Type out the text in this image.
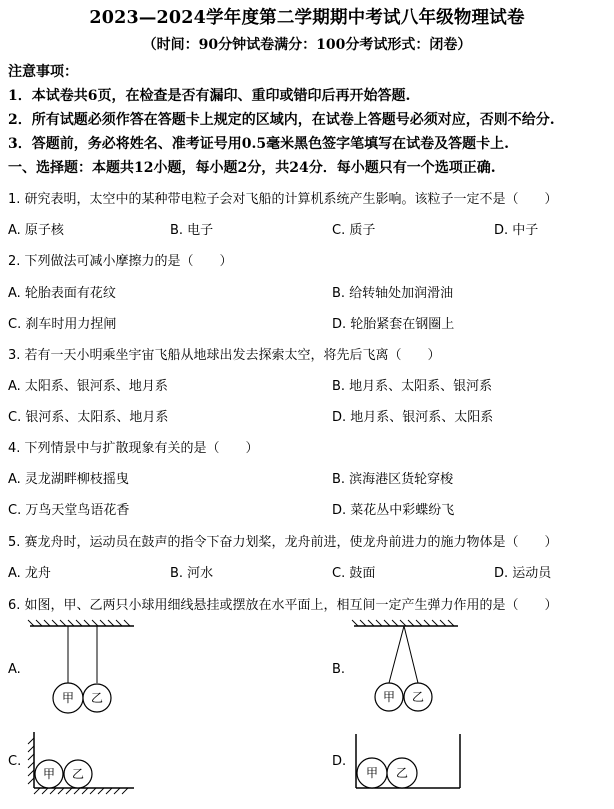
2023—2024学年度第二学期期中考试八年级物理试卷
（时间：90分钟试卷满分：100分考试形式：闭卷）
注意事项：
1．本试卷共6页，在检查是否有漏印、重印或错印后再开始答题.
2．所有试题必须作答在答题卡上规定的区域内，在试卷上答题号必须对应，否则不给分.
3．答题前，务必将姓名、准考证号用0.5毫米黑色签字笔填写在试卷及答题卡上.
一、选择题：本题共12小题，每小题2分，共24分．每小题只有一个选项正确.
1. 研究表明，太空中的某种带电粒子会对飞船的计算机系统产生影响。该粒子一定不是（　　）
A. 原子核	B. 电子	C. 质子	D. 中子
2. 下列做法可减小摩擦力的是（　　）
A. 轮胎表面有花纹	B. 给转轴处加润滑油
C. 刹车时用力捏闸	D. 轮胎紧套在钢圈上
3. 若有一天小明乘坐宇宙飞船从地球出发去探索太空，将先后飞离（　　）
A. 太阳系、银河系、地月系	B. 地月系、太阳系、银河系
C. 银河系、太阳系、地月系	D. 地月系、银河系、太阳系
4. 下列情景中与扩散现象有关的是（　　）
A. 灵龙湖畔柳枝摇曳	B. 滨海港区货轮穿梭
C. 万鸟天堂鸟语花香	D. 菜花丛中彩蝶纷飞
5. 赛龙舟时，运动员在鼓声的指令下奋力划桨，龙舟前进，使龙舟前进力的施力物体是（　　）
A. 龙舟	B. 河水	C. 鼓面	D. 运动员
6. 如图，甲、乙两只小球用细线悬挂或摆放在水平面上，相互间一定产生弹力作用的是（　　）
A.	B.
C.	D.
甲 乙	甲 乙
甲 乙	甲 乙
